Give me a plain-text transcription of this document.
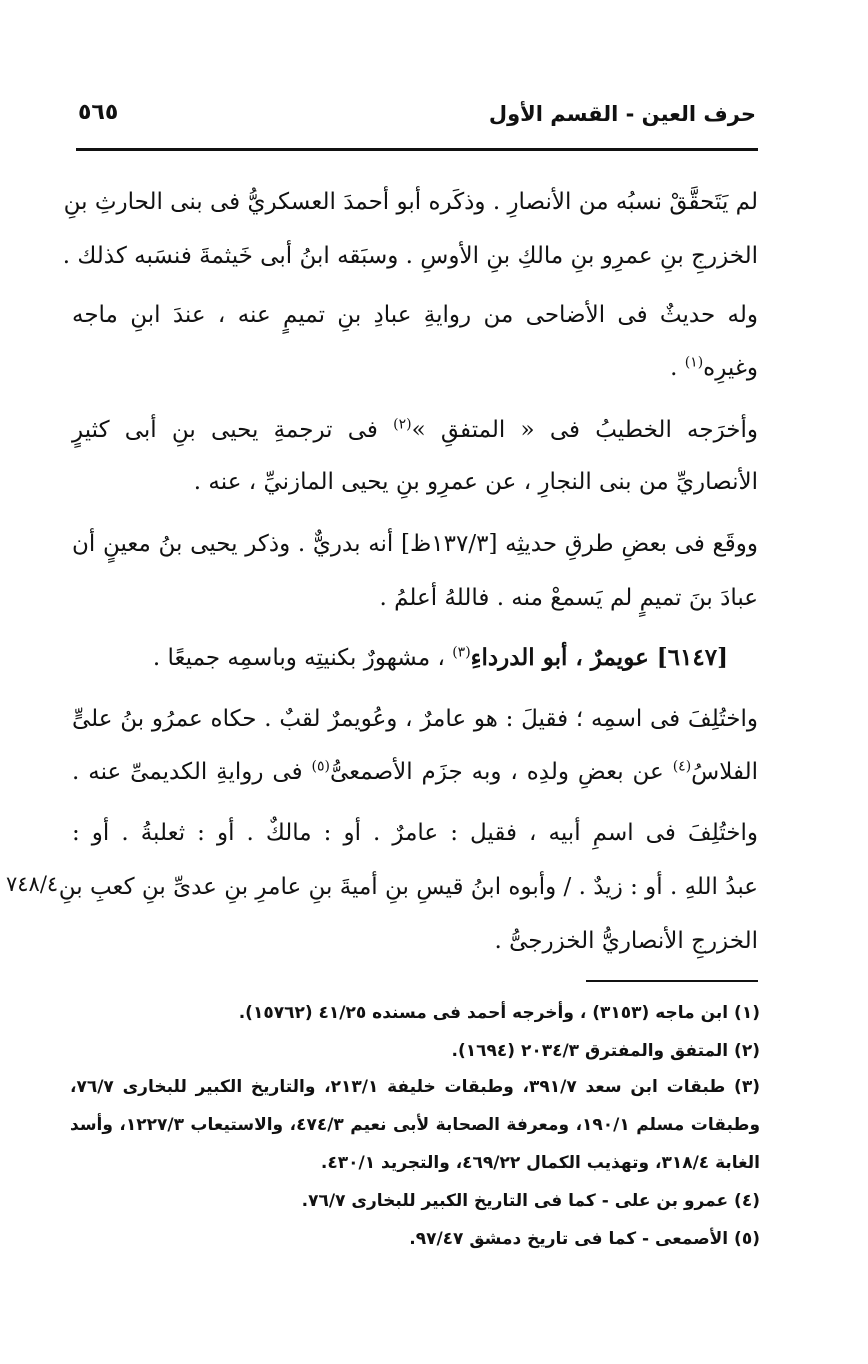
حرف العين - القسم الأول
٥٦٥
لم يَتَحقَّقْ نسبُه من الأنصارِ . وذكَره أبو أحمدَ العسكريُّ فى بنى الحارثِ بنِ
الخزرجِ بنِ عمرِو بنِ مالكِ بنِ الأوسِ . وسبَقه ابنُ أبى خَيثمةَ فنسَبه كذلك .
وله حديثٌ فى الأضاحى من روايةِ عبادِ بنِ تميمٍ عنه ، عندَ ابنِ ماجه
وغيرِه$^{(١)}$ .
وأخرَجه الخطيبُ فى « المتفقِ »$^{(٢)}$ فى ترجمةِ يحيى بنِ أبى كثيرٍ
الأنصاريِّ من بنى النجارِ ، عن عمرِو بنِ يحيى المازنيِّ ، عنه .
ووقَع فى بعضِ طرقِ حديثِه [١٣٧/٣ظ] أنه بدريٌّ . وذكر يحيى بنُ معينٍ أن
عبادَ بنَ تميمٍ لم يَسمعْ منه . فاللهُ أعلمُ .
[٦١٤٧] عويمرٌ ، أبو الدرداءِ$^{(٣)}$ ، مشهورٌ بكنيتِه وباسمِه جميعًا .
واختُلِفَ فى اسمِه ؛ فقيلَ : هو عامرٌ ، وعُويمرٌ لقبٌ . حكاه عمرُو بنُ علىٍّ
الفلاسُ$^{(٤)}$ عن بعضِ ولدِه ، وبه جزَم الأصمعىُّ$^{(٥)}$ فى روايةِ الكديمىِّ عنه .
واختُلِفَ فى اسمِ أبيه ، فقيل : عامرٌ . أو : مالكٌ . أو : ثعلبةُ . أو :
عبدُ اللهِ . أو : زيدٌ . / وأبوه ابنُ قيسِ بنِ أميةَ بنِ عامرِ بنِ عدىِّ بنِ كعبِ بنِ
٧٤٨/٤
الخزرجِ الأنصاريُّ الخزرجىُّ .
(١) ابن ماجه (٣١٥٣) ، وأخرجه أحمد فى مسنده ٤١/٢٥ (١٥٧٦٢).
(٢) المتفق والمفترق ٢٠٣٤/٣ (١٦٩٤).
(٣) طبقات ابن سعد ٣٩١/٧، وطبقات خليفة ٢١٣/١، والتاريخ الكبير للبخارى ٧٦/٧،
وطبقات مسلم ١٩٠/١، ومعرفة الصحابة لأبى نعيم ٤٧٤/٣، والاستيعاب ١٢٢٧/٣، وأسد
الغابة ٣١٨/٤، وتهذيب الكمال ٤٦٩/٢٢، والتجريد ٤٣٠/١.
(٤) عمرو بن على - كما فى التاريخ الكبير للبخارى ٧٦/٧.
(٥) الأصمعى - كما فى تاريخ دمشق ٩٧/٤٧.
